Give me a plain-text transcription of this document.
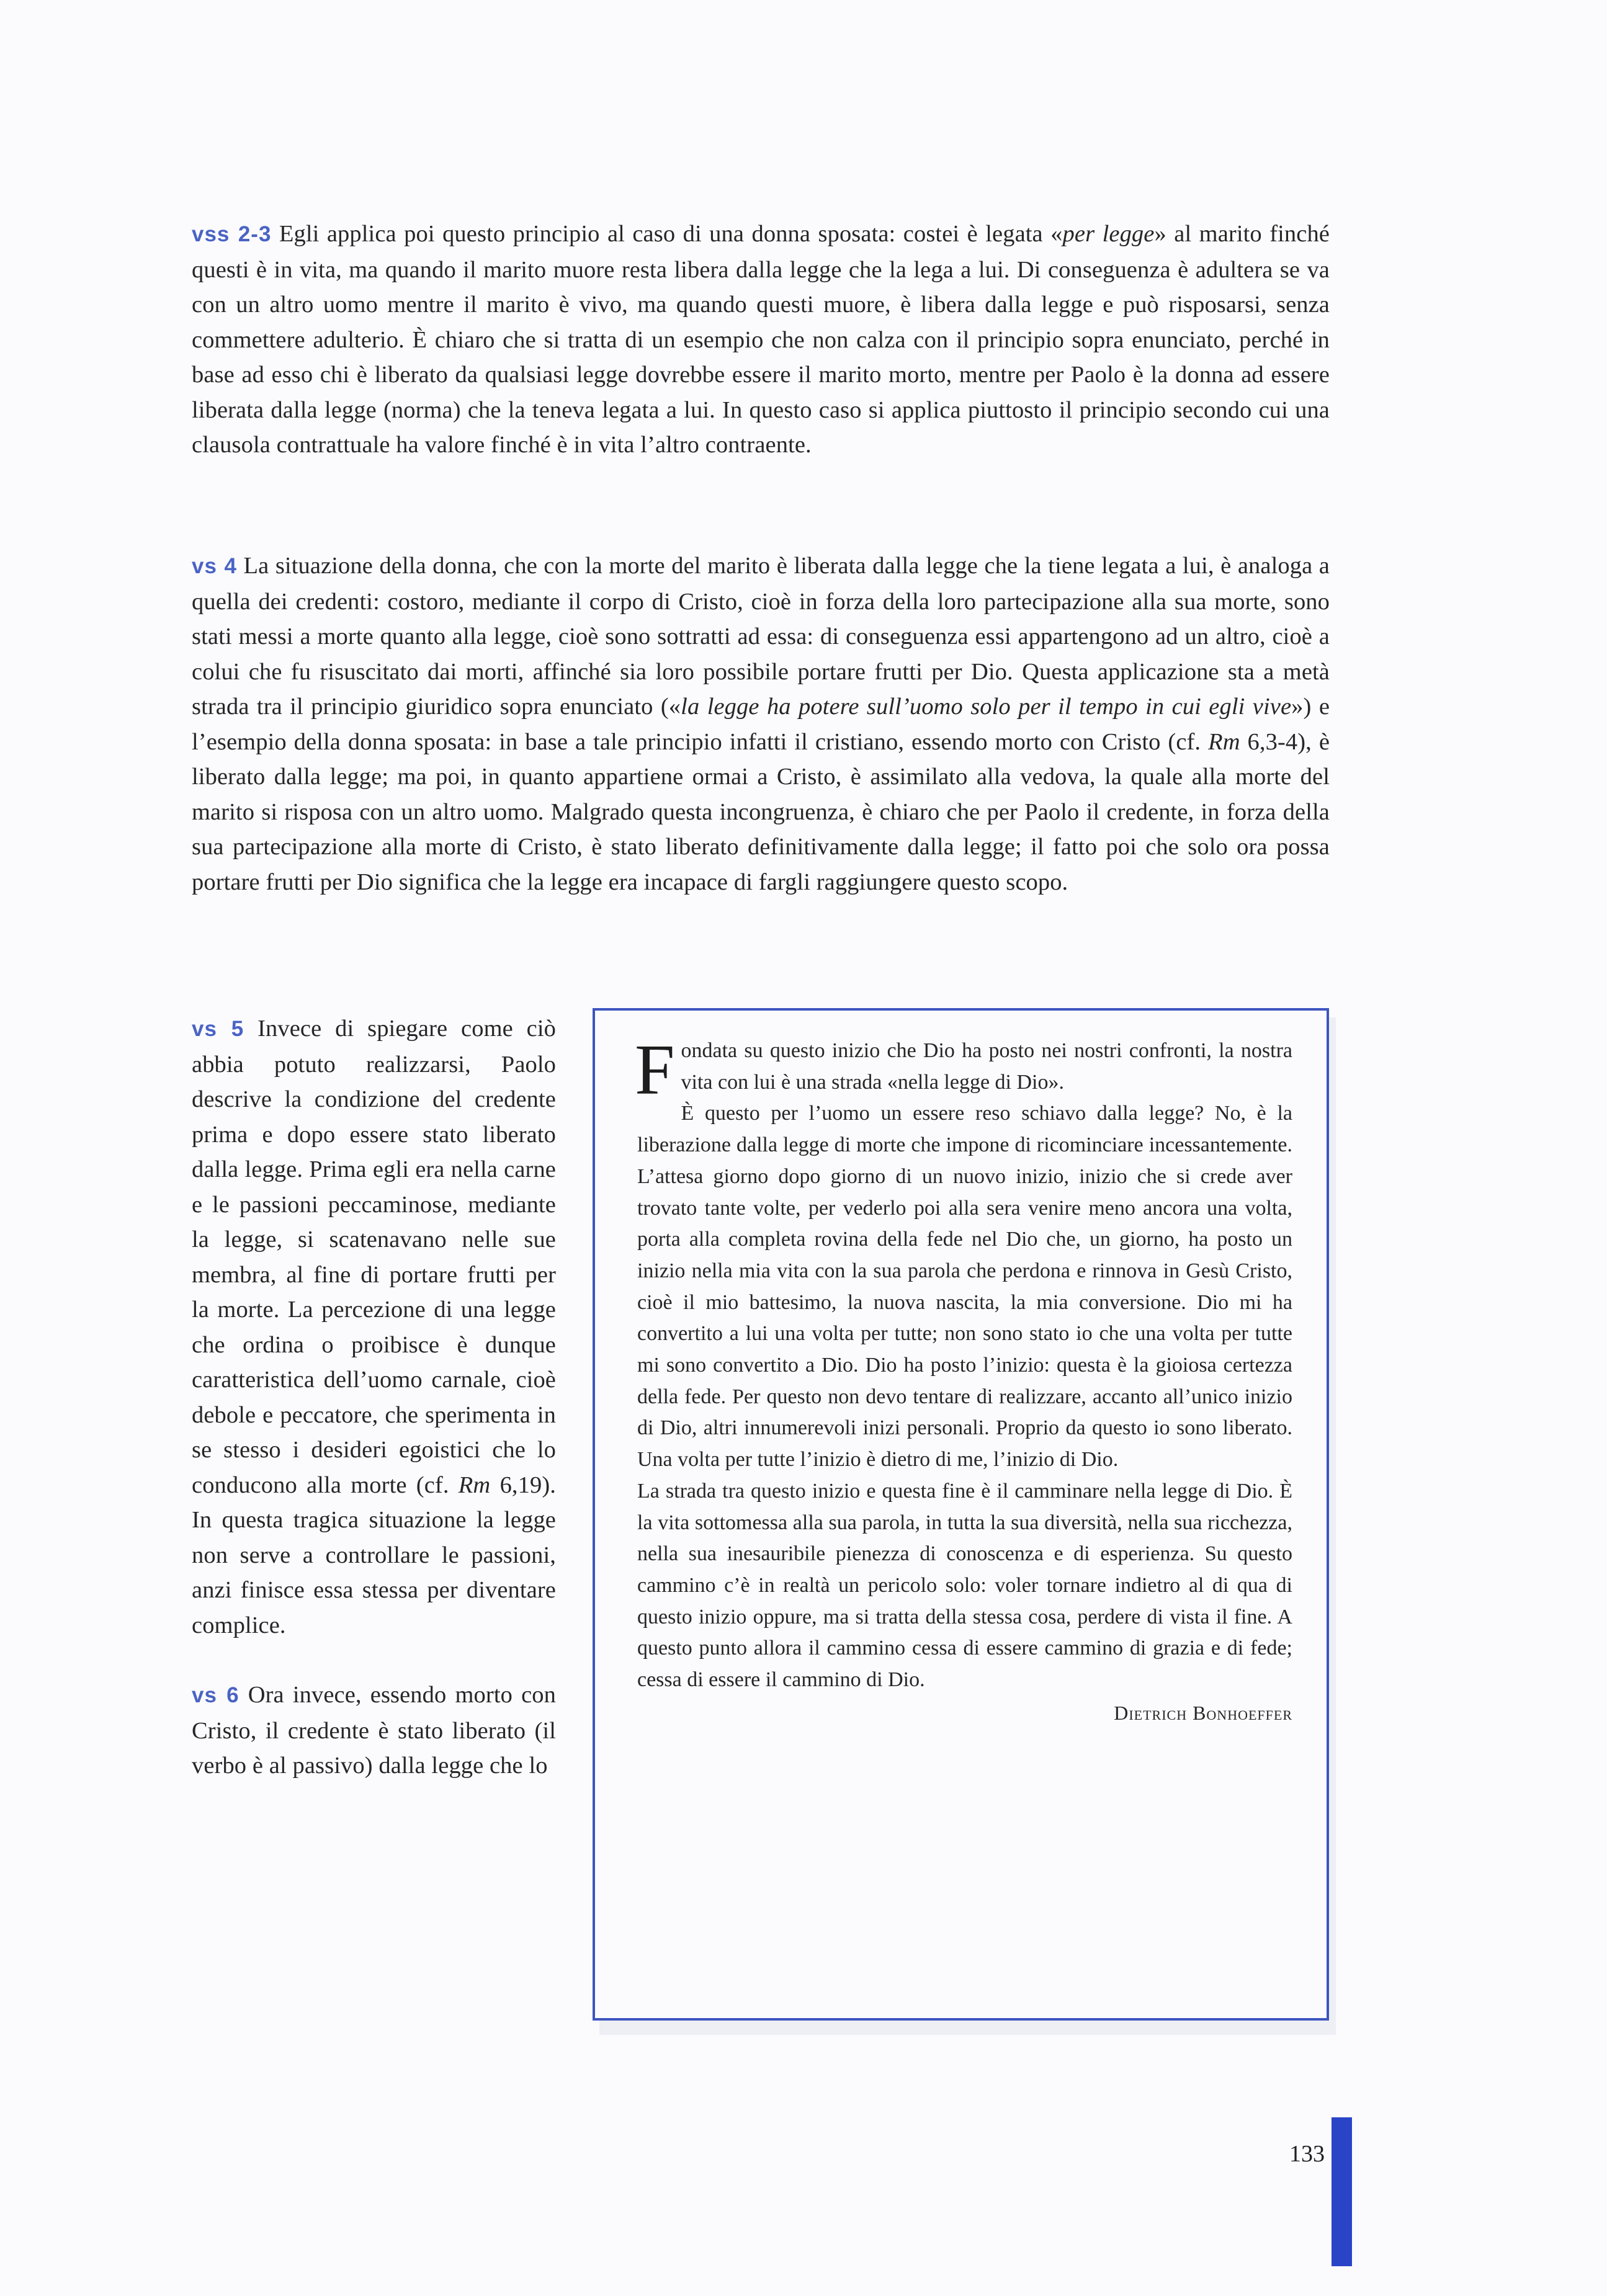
vss 2-3 Egli applica poi questo principio al caso di una donna sposata: costei è legata «per legge» al marito finché questi è in vita, ma quando il marito muore resta libera dalla legge che la lega a lui. Di conseguenza è adultera se va con un altro uomo mentre il marito è vivo, ma quando questi muore, è libera dalla legge e può risposarsi, senza commettere adulterio. È chiaro che si tratta di un esempio che non calza con il principio sopra enunciato, perché in base ad esso chi è liberato da qualsiasi legge dovrebbe essere il marito morto, mentre per Paolo è la donna ad essere liberata dalla legge (norma) che la teneva legata a lui. In questo caso si applica piuttosto il principio secondo cui una clausola contrattuale ha valore finché è in vita l’altro contraente.

vs 4 La situazione della donna, che con la morte del marito è liberata dalla legge che la tiene legata a lui, è analoga a quella dei credenti: costoro, mediante il corpo di Cristo, cioè in forza della loro partecipazione alla sua morte, sono stati messi a morte quanto alla legge, cioè sono sottratti ad essa: di conseguenza essi appartengono ad un altro, cioè a colui che fu risuscitato dai morti, affinché sia loro possibile portare frutti per Dio. Questa applicazione sta a metà strada tra il principio giuridico sopra enunciato («la legge ha potere sull’uomo solo per il tempo in cui egli vive») e l’esempio della donna sposata: in base a tale principio infatti il cristiano, essendo morto con Cristo (cf. Rm 6,3-4), è liberato dalla legge; ma poi, in quanto appartiene ormai a Cristo, è assimilato alla vedova, la quale alla morte del marito si risposa con un altro uomo. Malgrado questa incongruenza, è chiaro che per Paolo il credente, in forza della sua partecipazione alla morte di Cristo, è stato liberato definitivamente dalla legge; il fatto poi che solo ora possa portare frutti per Dio significa che la legge era incapace di fargli raggiungere questo scopo.

vs 5 Invece di spiegare come ciò abbia potuto realizzarsi, Paolo descrive la condizione del credente prima e dopo essere stato liberato dalla legge. Prima egli era nella carne e le passioni peccaminose, mediante la legge, si scatenavano nelle sue membra, al fine di portare frutti per la morte. La percezione di una legge che ordina o proibisce è dunque caratteristica dell’uomo carnale, cioè debole e peccatore, che sperimenta in se stesso i desideri egoistici che lo conducono alla morte (cf. Rm 6,19). In questa tragica situazione la legge non serve a controllare le passioni, anzi finisce essa stessa per diventare complice.

vs 6 Ora invece, essendo morto con Cristo, il credente è stato liberato (il verbo è al passivo) dalla legge che lo

Fondata su questo inizio che Dio ha posto nei nostri confronti, la nostra vita con lui è una strada «nella legge di Dio».

È questo per l’uomo un essere reso schiavo dalla legge? No, è la liberazione dalla legge di morte che impone di ricominciare incessantemente. L’attesa giorno dopo giorno di un nuovo inizio, inizio che si crede aver trovato tante volte, per vederlo poi alla sera venire meno ancora una volta, porta alla completa rovina della fede nel Dio che, un giorno, ha posto un inizio nella mia vita con la sua parola che perdona e rinnova in Gesù Cristo, cioè il mio battesimo, la nuova nascita, la mia conversione. Dio mi ha convertito a lui una volta per tutte; non sono stato io che una volta per tutte mi sono convertito a Dio. Dio ha posto l’inizio: questa è la gioiosa certezza della fede. Per questo non devo tentare di realizzare, accanto all’unico inizio di Dio, altri innumerevoli inizi personali. Proprio da questo io sono liberato. Una volta per tutte l’inizio è dietro di me, l’inizio di Dio.

La strada tra questo inizio e questa fine è il camminare nella legge di Dio. È la vita sottomessa alla sua parola, in tutta la sua diversità, nella sua ricchezza, nella sua inesauribile pienezza di conoscenza e di esperienza. Su questo cammino c’è in realtà un pericolo solo: voler tornare indietro al di qua di questo inizio oppure, ma si tratta della stessa cosa, perdere di vista il fine. A questo punto allora il cammino cessa di essere cammino di grazia e di fede; cessa di essere il cammino di Dio.

Dietrich Bonhoeffer
133
